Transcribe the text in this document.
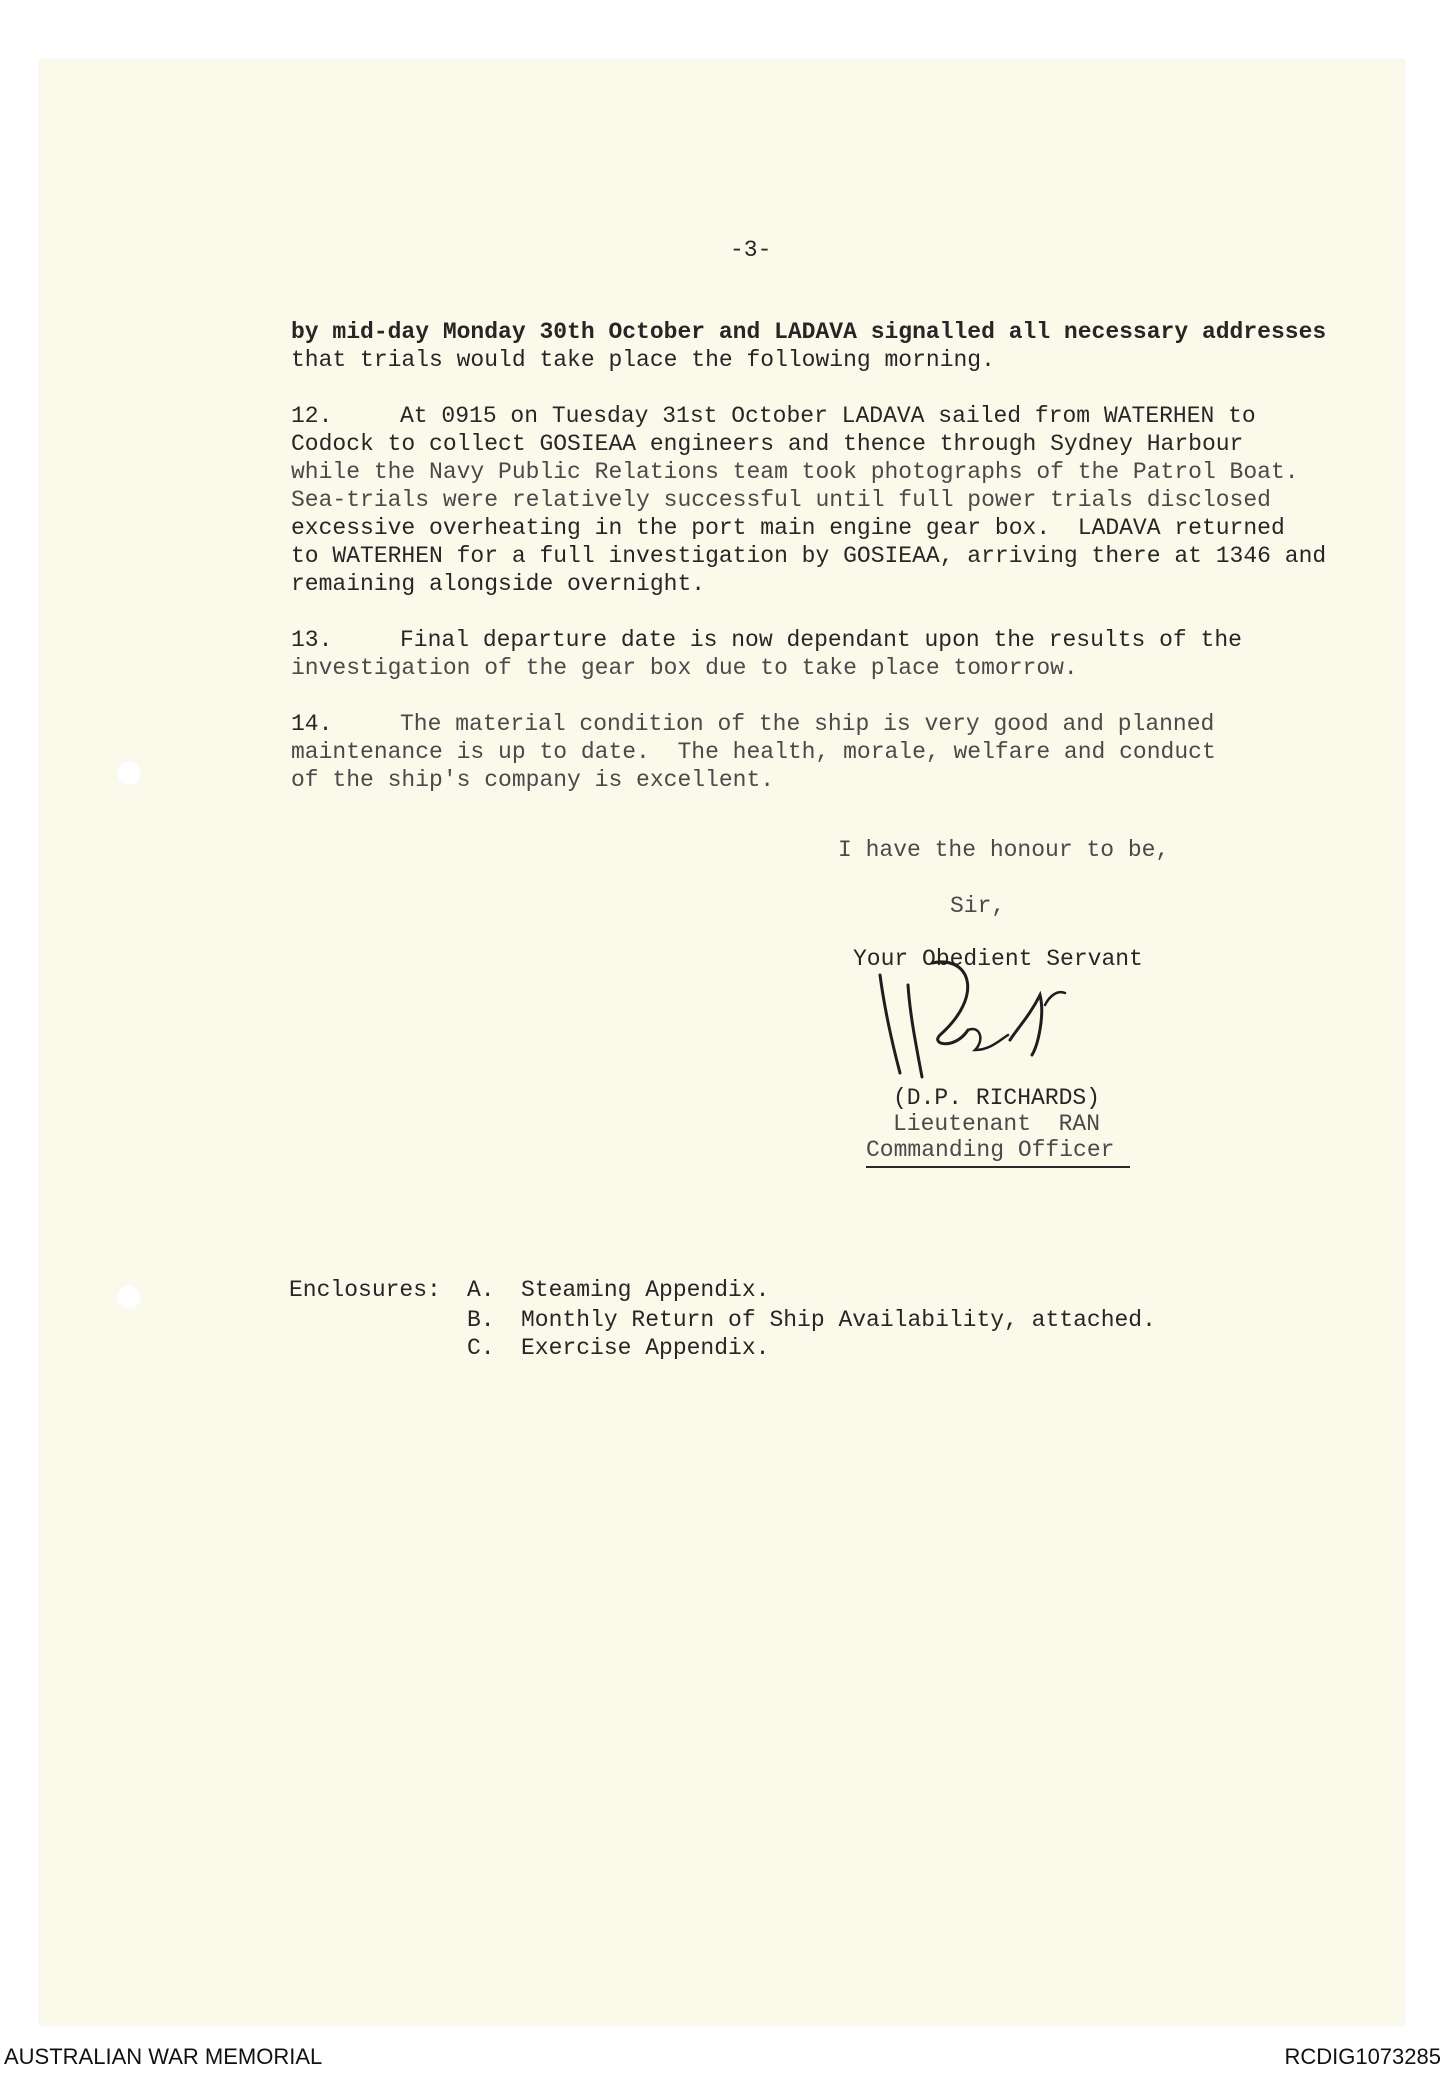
-3-
by mid-day Monday 30th October and LADAVA signalled all necessary addresses
that trials would take place the following morning.
12.	At 0915 on Tuesday 31st October LADAVA sailed from WATERHEN to
Codock to collect GOSIEAA engineers and thence through Sydney Harbour
while the Navy Public Relations team took photographs of the Patrol Boat.
Sea-trials were relatively successful until full power trials disclosed
excessive overheating in the port main engine gear box.  LADAVA returned
to WATERHEN for a full investigation by GOSIEAA, arriving there at 1346 and
remaining alongside overnight.
13.	Final departure date is now dependant upon the results of the
investigation of the gear box due to take place tomorrow.
14.	The material condition of the ship is very good and planned
maintenance is up to date.  The health, morale, welfare and conduct
of the ship's company is excellent.
I have the honour to be,
Sir,
Your Obedient Servant
(D.P. RICHARDS)
Lieutenant  RAN
Commanding Officer
Enclosures: A. Steaming Appendix.
B. Monthly Return of Ship Availability, attached.
C. Exercise Appendix.
AUSTRALIAN WAR MEMORIAL	RCDIG1073285
